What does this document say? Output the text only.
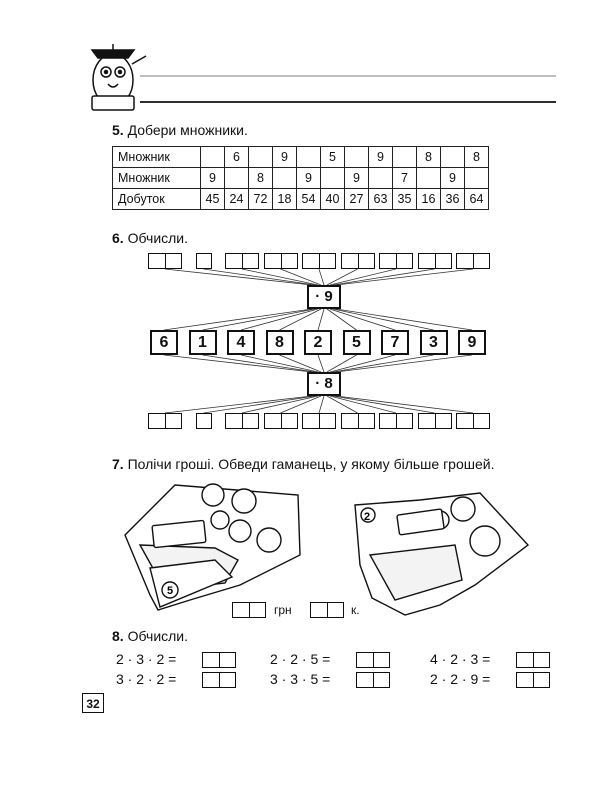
5
2
5. Добери множники.
Множник		6		9		5		9		8		8
Множник	9		8		9		9		7		9	
Добуток	45	24	72	18	54	40	27	63	35	16	36	64
6. Обчисли.
6	1	4	8	2	5	7	3	9
· 9
· 8
7. Полічи гроші. Обведи гаманець, у якому більше грошей.
грн	к.
8. Обчисли.
2 · 3 · 2 =	2 · 2 · 5 =	4 · 2 · 3 =
3 · 2 · 2 =	3 · 3 · 5 =	2 · 2 · 9 =
32
